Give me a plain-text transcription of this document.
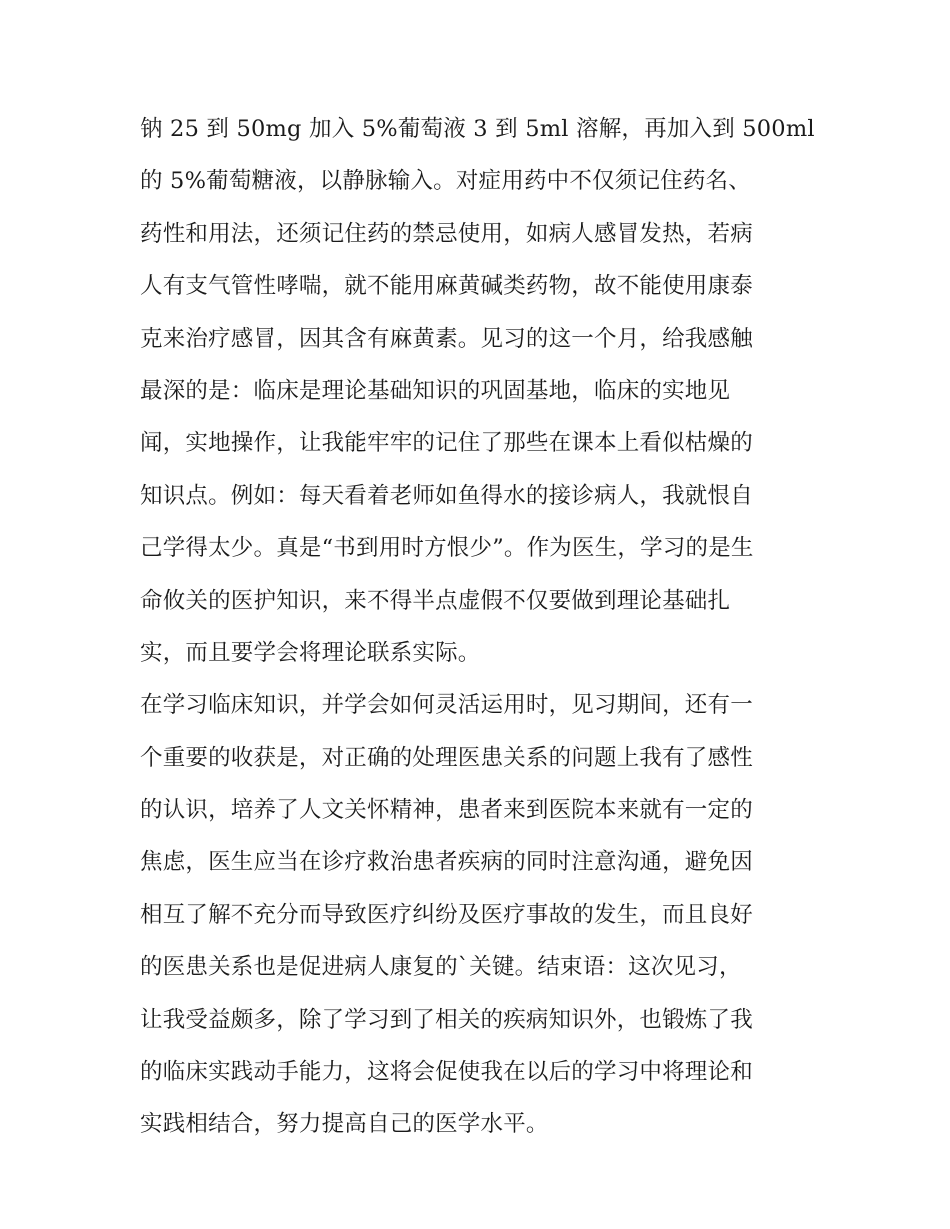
钠 25 到 50mg 加入 5%葡萄液 3 到 5ml 溶解，再加入到 500ml
的 5%葡萄糖液，以静脉输入。对症用药中不仅须记住药名、
药性和用法，还须记住药的禁忌使用，如病人感冒发热，若病
人有支气管性哮喘，就不能用麻黄碱类药物，故不能使用康泰
克来治疗感冒，因其含有麻黄素。见习的这一个月，给我感触
最深的是：临床是理论基础知识的巩固基地，临床的实地见
闻，实地操作，让我能牢牢的记住了那些在课本上看似枯燥的
知识点。例如：每天看着老师如鱼得水的接诊病人，我就恨自
己学得太少。真是“书到用时方恨少”。作为医生，学习的是生
命攸关的医护知识，来不得半点虚假不仅要做到理论基础扎
实，而且要学会将理论联系实际。
在学习临床知识，并学会如何灵活运用时，见习期间，还有一
个重要的收获是，对正确的处理医患关系的问题上我有了感性
的认识，培养了人文关怀精神，患者来到医院本来就有一定的
焦虑，医生应当在诊疗救治患者疾病的同时注意沟通，避免因
相互了解不充分而导致医疗纠纷及医疗事故的发生，而且良好
的医患关系也是促进病人康复的`关键。结束语：这次见习，
让我受益颇多，除了学习到了相关的疾病知识外，也锻炼了我
的临床实践动手能力，这将会促使我在以后的学习中将理论和
实践相结合，努力提高自己的医学水平。
